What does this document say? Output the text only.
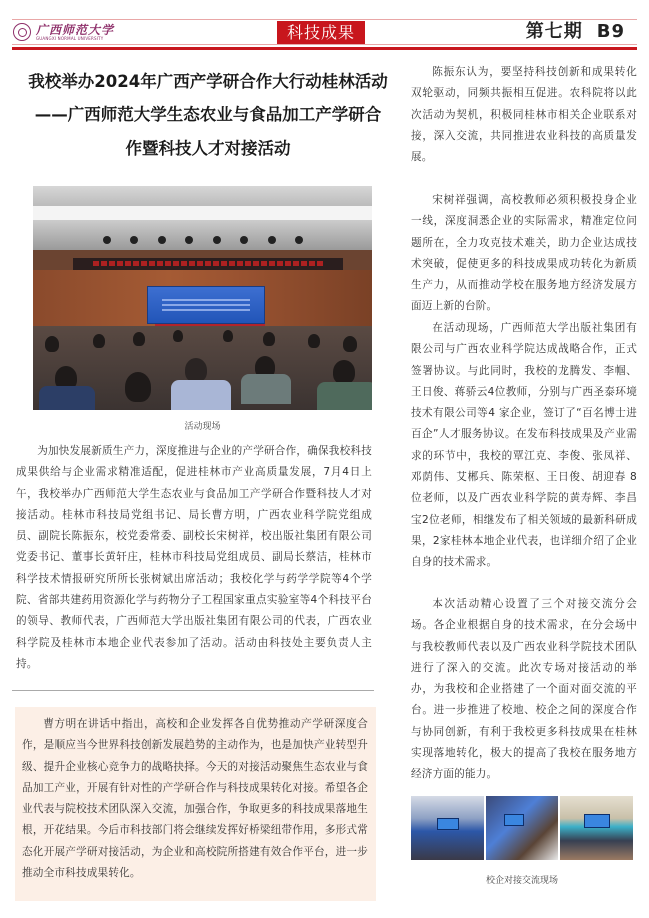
广西师范大学
GUANGXI NORMAL UNIVERSITY	科技成果	第七期 B9
我校举办2024年广西产学研合作大行动桂林活动
——广西师范大学生态农业与食品加工产学研合
作暨科技人才对接活动
活动现场

为加快发展新质生产力，深度推进与企业的产学研合作，确保我校科技成果供给与企业需求精准适配，促进桂林市产业高质量发展，7月4日上午，我校举办广西师范大学生态农业与食品加工产学研合作暨科技人才对接活动。桂林市科技局党组书记、局长曹方明，广西农业科学院党组成员、副院长陈振东，校党委常委、副校长宋树祥，校出版社集团有限公司党委书记、董事长黄轩庄，桂林市科技局党组成员、副局长蔡洁，桂林市科学技术情报研究所所长张树斌出席活动；我校化学与药学学院等4个学院、省部共建药用资源化学与药物分子工程国家重点实验室等4个科技平台的领导、教师代表，广西师范大学出版社集团有限公司的代表，广西农业科学院及桂林市本地企业代表参加了活动。活动由科技处主要负责人主持。

曹方明在讲话中指出，高校和企业发挥各自优势推动产学研深度合作，是顺应当今世界科技创新发展趋势的主动作为，也是加快产业转型升级、提升企业核心竞争力的战略抉择。今天的对接活动聚焦生态农业与食品加工产业，开展有针对性的产学研合作与科技成果转化对接。希望各企业代表与院校技术团队深入交流，加强合作，争取更多的科技成果落地生根，开花结果。今后市科技部门将会继续发挥好桥梁纽带作用，多形式常态化开展产学研对接活动，为企业和高校院所搭建有效合作平台，进一步推动全市科技成果转化。

陈振东认为，要坚持科技创新和成果转化双轮驱动，同频共振相互促进。农科院将以此次活动为契机，积极同桂林市相关企业联系对接，深入交流，共同推进农业科技的高质量发展。

宋树祥强调，高校教师必须积极投身企业一线，深度洞悉企业的实际需求，精准定位问题所在，全力攻克技术难关，助力企业达成技术突破，促使更多的科技成果成功转化为新质生产力，从而推动学校在服务地方经济发展方面迈上新的台阶。

在活动现场，广西师范大学出版社集团有限公司与广西农业科学院达成战略合作，正式签署协议。与此同时，我校的龙腾发、李帼、王日俊、蒋骄云4位教师，分别与广西圣泰环境技术有限公司等4 家企业，签订了“百名博士进百企”人才服务协议。在发布科技成果及产业需求的环节中，我校的覃江克、李俊、张凤祥、邓荫伟、艾郴兵、陈荣枢、王日俊、胡迎春 8 位老师，以及广西农业科学院的黄寿辉、李昌宝2位老师，相继发布了相关领域的最新科研成果，2家桂林本地企业代表，也详细介绍了企业自身的技术需求。

本次活动精心设置了三个对接交流分会场。各企业根据自身的技术需求，在分会场中与我校教师代表以及广西农业科学院技术团队进行了深入的交流。此次专场对接活动的举办，为我校和企业搭建了一个面对面交流的平台。进一步推进了校地、校企之间的深度合作与协同创新，有利于我校更多科技成果在桂林实现落地转化，极大的提高了我校在服务地方经济方面的能力。

校企对接交流现场
